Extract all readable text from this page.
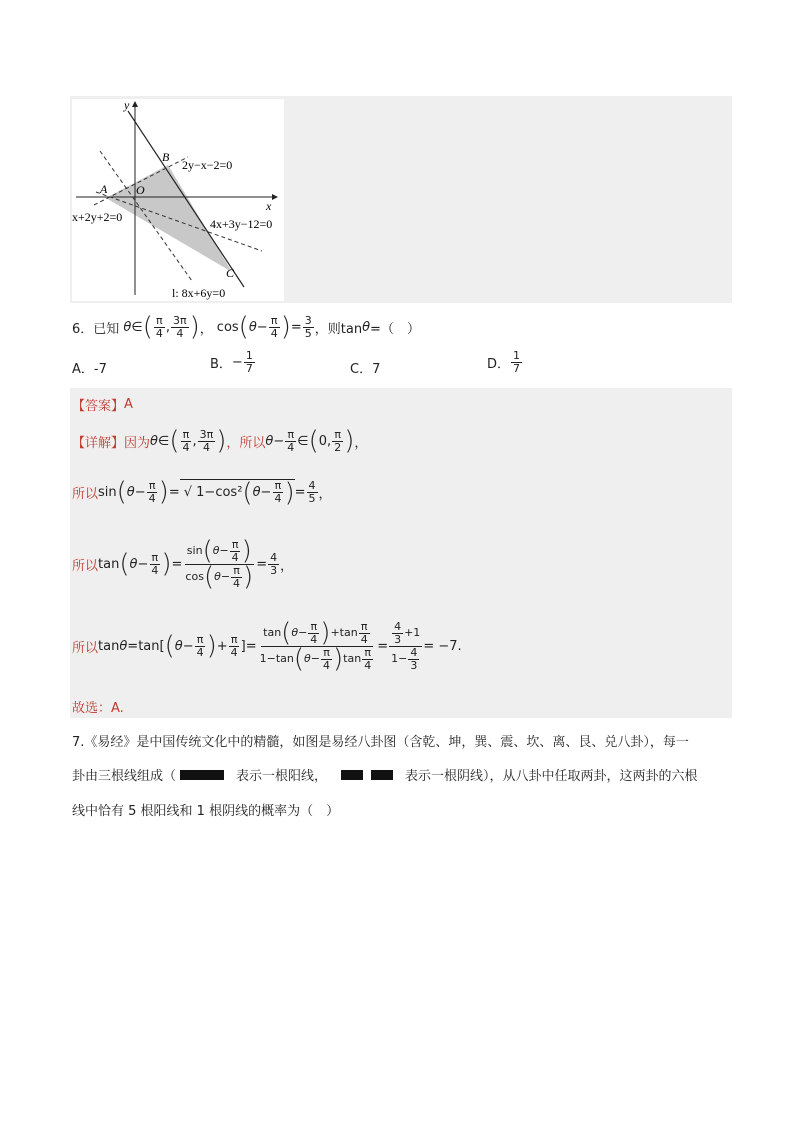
y
x
O
A
B
C
2y−x−2=0
x+2y+2=0	4x+3y−12=0
l: 8x+6y=0
6．已知 θ∈ ( $\frac{\pi}{4}$ , $\frac{3\pi}{4}$ ) ， cos ( $\theta - \frac{\pi}{4}$ ) = $\frac{3}{5}$ ，则tan θ =（　）
A．-7	B． − $\frac{1}{7}$	C．7	D． $\frac{1}{7}$
【答案】 A
【详解】 因为 θ ∈ ( $\frac{\pi}{4}$ , $\frac{3\pi}{4}$ ) ，所以 $\theta - \frac{\pi}{4}$ ∈ ( 0, $\frac{\pi}{2}$ ) ，
所以 sin ( $\theta - \frac{\pi}{4}$ ) = √ 1−cos² ( $\theta - \frac{\pi}{4}$ ) = $\frac{4}{5}$ ，
所以 tan ( $\theta - \frac{\pi}{4}$ ) = $\frac{\sin ( \theta - \frac{\pi}{4} )}{\cos ( \theta - \frac{\pi}{4} )} = \frac{4}{3}$ ，
所以 tan θ =tan[ ( $\theta - \frac{\pi}{4}$ ) + $\frac{\pi}{4}$ ]= $\frac{\tan ( \theta - \frac{\pi}{4} ) +\tan \frac{\pi}{4}}{1-\tan ( \theta - \frac{\pi}{4} ) \tan \frac{\pi}{4}} = \frac{\frac{4}{3} +1}{1- \frac{4}{3}} = -7$.
故选：A.
7.《易经》是中国传统文化中的精髓，如图是易经八卦图（含乾、坤，巽、震、坎、离、艮、兑八卦），每一
卦由三根线组成（	表示一根阳线，	表示一根阴线），从八卦中任取两卦，这两卦的六根
线中恰有 5 根阳线和 1 根阴线的概率为（　）
